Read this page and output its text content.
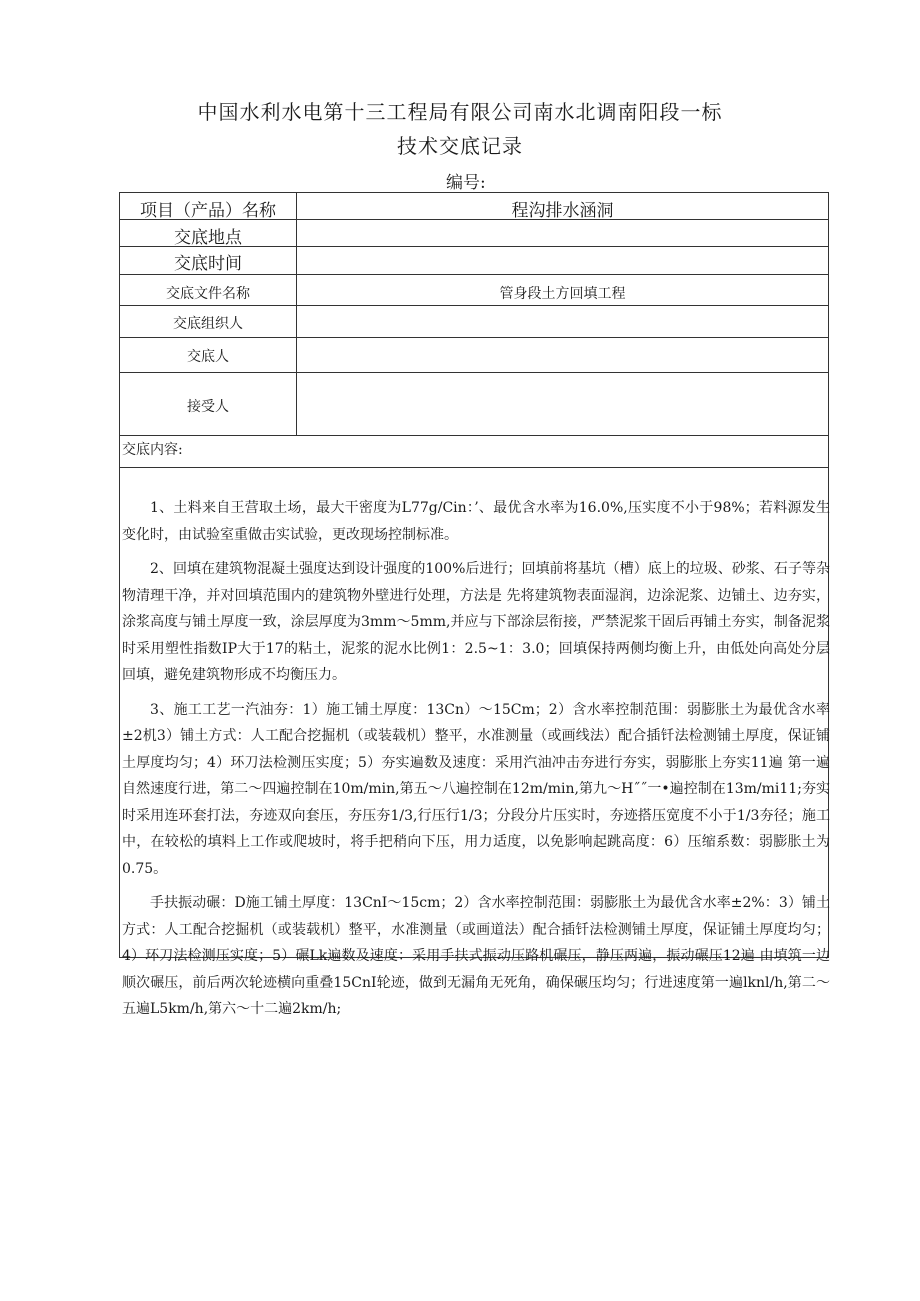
中国水利水电第十三工程局有限公司南水北调南阳段一标
技术交底记录
编号:
项目（产品）名称	程沟排水涵洞
交底地点
交底时间
交底文件名称	管身段土方回填工程
交底组织人
交底人
接受人
交底内容:

1、土料来自王营取土场，最大干密度为L77g/Cin：’、最优含水率为16.0%,压实度不小于98%；若料源发生变化时，由试验室重做击实试验，更改现场控制标准。

2、回填在建筑物混凝土强度达到设计强度的100%后进行；回填前将基坑（槽）底上的垃圾、砂浆、石子等杂物清理干净，并对回填范围内的建筑物外壁进行处理，方法是 先将建筑物表面湿润，边涂泥浆、边铺土、边夯实，涂浆高度与铺土厚度一致，涂层厚度为3mm～5mm,并应与下部涂层衔接，严禁泥浆干固后再铺土夯实，制备泥浆时采用塑性指数IP大于17的粘土，泥浆的泥水比例1：2.5~1：3.0；回填保持两侧均衡上升，由低处向高处分层回填，避免建筑物形成不均衡压力。

3、施工工艺一汽油夯：1）施工铺土厚度：13Cn）～15Cm；2）含水率控制范围：弱膨胀土为最优含水率±2机3）铺土方式：人工配合挖掘机（或装载机）整平，水准测量（或画线法）配合插钎法检测铺土厚度，保证铺土厚度均匀；4）环刀法检测压实度；5）夯实遍数及速度：采用汽油冲击夯进行夯实，弱膨胀上夯实11遍 第一遍自然速度行进，第二～四遍控制在10m/min,第五～八遍控制在12m/min,第九～H˝˝一•遍控制在13m/mi11;夯实时采用连环套打法，夯迹双向套压，夯压夯1/3,行压行1/3；分段分片压实时，夯迹搭压宽度不小于1/3夯径；施工中，在较松的填料上工作或爬坡时，将手把稍向下压，用力适度，以免影响起跳高度：6）压缩系数：弱膨胀土为0.75。

手扶振动碾：D施工铺土厚度：13CnI～15cm；2）含水率控制范围：弱膨胀土为最优含水率±2%：3）铺土方式：人工配合挖掘机（或装载机）整平，水准测量（或画道法）配合插钎法检测铺土厚度，保证铺土厚度均匀；4）环刀法检测压实度；5）碾Lk遍数及速度：采用手扶式振动压路机碾压，静压两遍，振动碾压12遍 由填筑一边顺次碾压，前后两次轮迹横向重叠15CnI轮迹，做到无漏角无死角，确保碾压均匀；行进速度第一遍lknl/h,第二～五遍L5km/h,第六～十二遍2km/h;
